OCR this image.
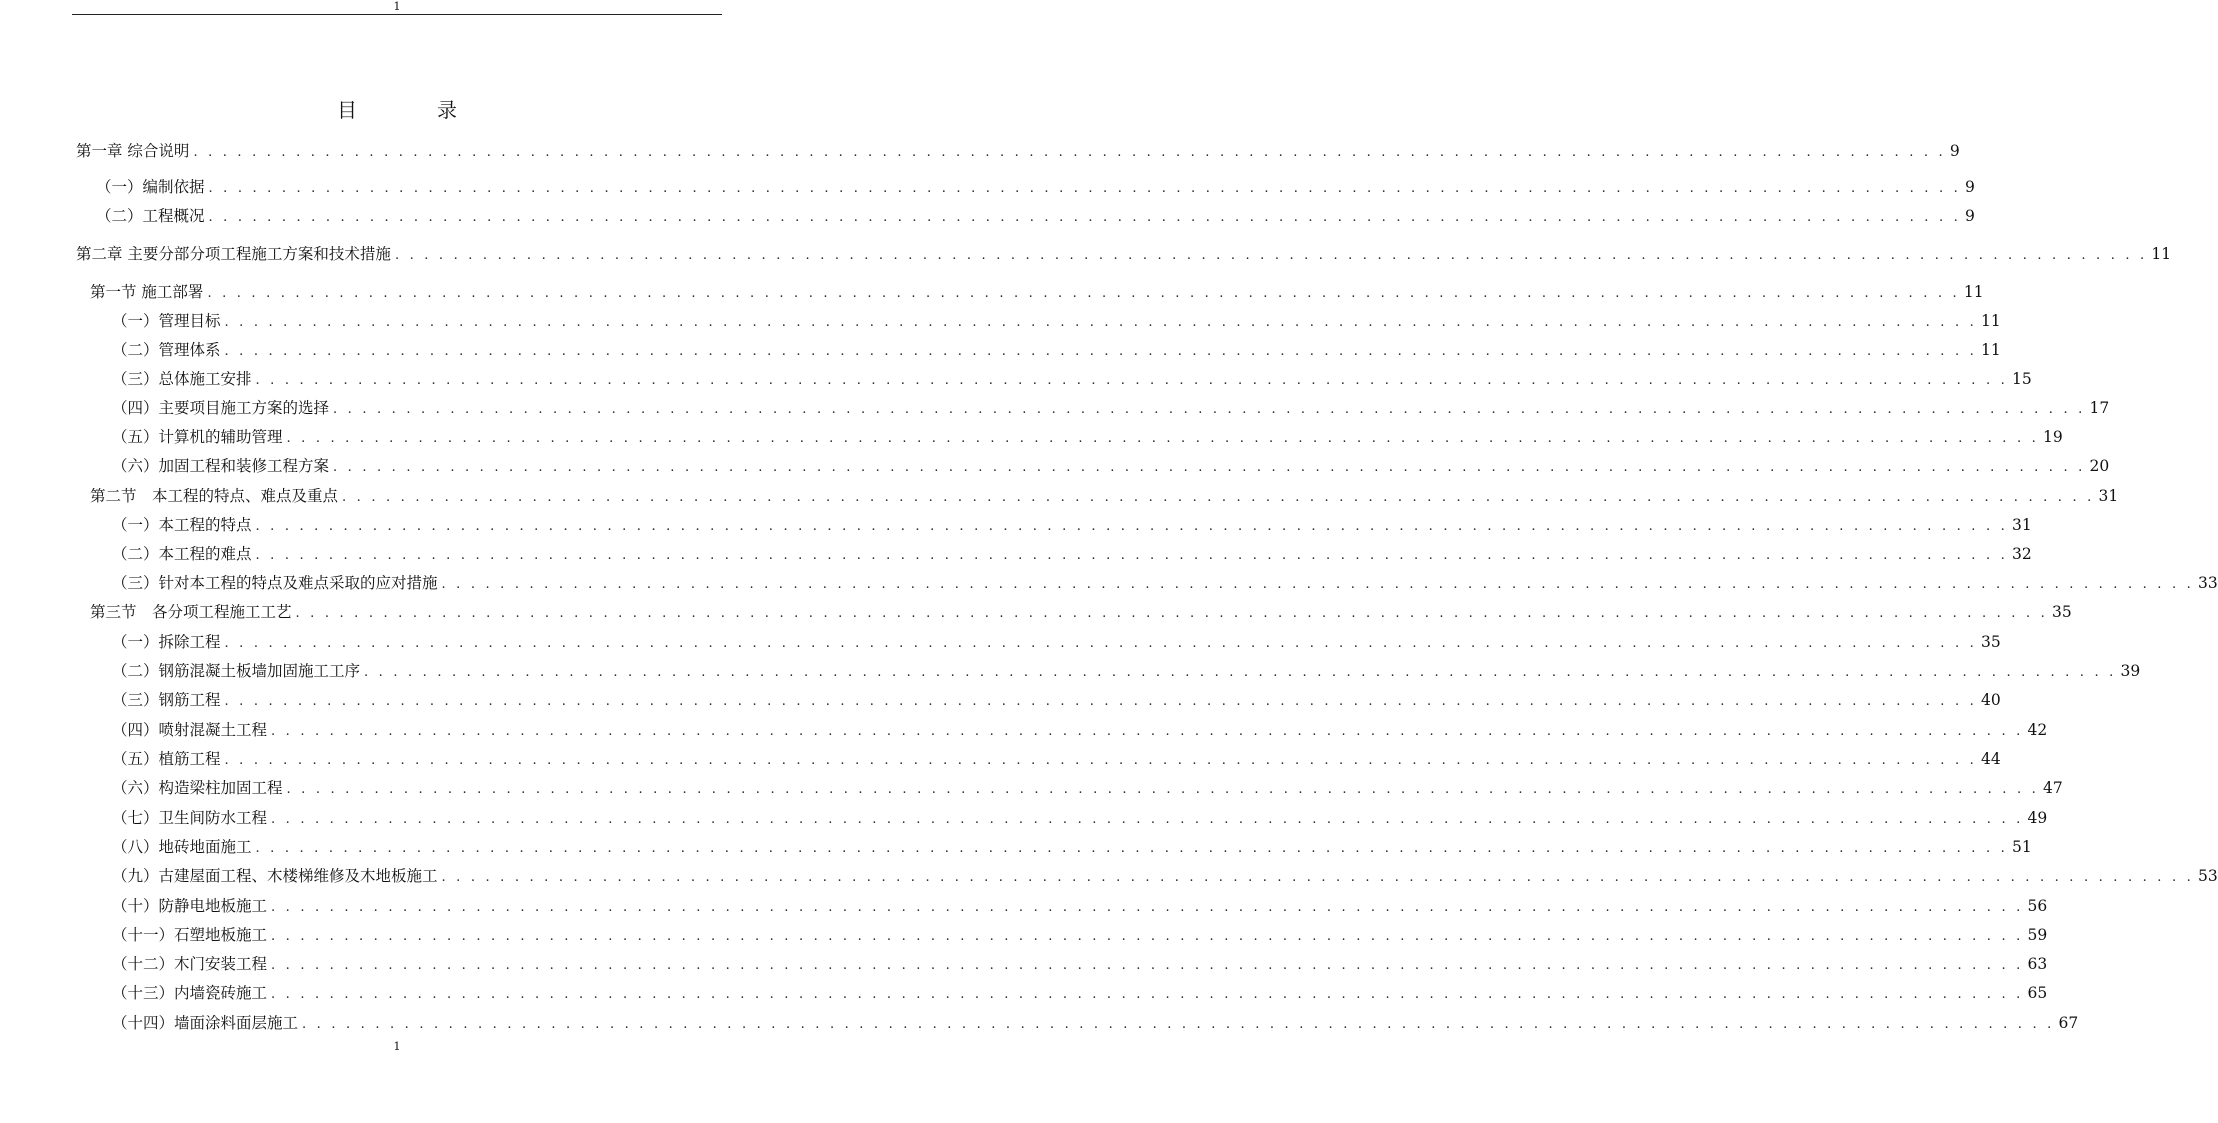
1
目　录
第一章 综合说明 . . . . . . . . . . . . . . . . . . . . . . . . . . . . . . . . . . . . . . . . . . . . . . . . . . . . . . . . . . . . . . . . . . . . . . . . . . . . . . . . . . . . . . . . . . . . . . . . . . . . . . . . . . . . . . . . . . . . . . . . 9
（一）编制依据 . . . . . . . . . . . . . . . . . . . . . . . . . . . . . . . . . . . . . . . . . . . . . . . . . . . . . . . . . . . . . . . . . . . . . . . . . . . . . . . . . . . . . . . . . . . . . . . . . . . . . . . . . . . . . . . . . . . . . . . . 9
（二）工程概况 . . . . . . . . . . . . . . . . . . . . . . . . . . . . . . . . . . . . . . . . . . . . . . . . . . . . . . . . . . . . . . . . . . . . . . . . . . . . . . . . . . . . . . . . . . . . . . . . . . . . . . . . . . . . . . . . . . . . . . . . 9
第二章 主要分部分项工程施工方案和技术措施 . . . . . . . . . . . . . . . . . . . . . . . . . . . . . . . . . . . . . . . . . . . . . . . . . . . . . . . . . . . . . . . . . . . . . . . . . . . . . . . . . . . . . . . . . . . . . . . . . . . . . . . . . . . . . . . . . . . . . . . . 11
第一节 施工部署 . . . . . . . . . . . . . . . . . . . . . . . . . . . . . . . . . . . . . . . . . . . . . . . . . . . . . . . . . . . . . . . . . . . . . . . . . . . . . . . . . . . . . . . . . . . . . . . . . . . . . . . . . . . . . . . . . . . . . . . . 11
（一）管理目标 . . . . . . . . . . . . . . . . . . . . . . . . . . . . . . . . . . . . . . . . . . . . . . . . . . . . . . . . . . . . . . . . . . . . . . . . . . . . . . . . . . . . . . . . . . . . . . . . . . . . . . . . . . . . . . . . . . . . . . . . 11
（二）管理体系 . . . . . . . . . . . . . . . . . . . . . . . . . . . . . . . . . . . . . . . . . . . . . . . . . . . . . . . . . . . . . . . . . . . . . . . . . . . . . . . . . . . . . . . . . . . . . . . . . . . . . . . . . . . . . . . . . . . . . . . . 11
（三）总体施工安排 . . . . . . . . . . . . . . . . . . . . . . . . . . . . . . . . . . . . . . . . . . . . . . . . . . . . . . . . . . . . . . . . . . . . . . . . . . . . . . . . . . . . . . . . . . . . . . . . . . . . . . . . . . . . . . . . . . . . . . . . 15
（四）主要项目施工方案的选择 . . . . . . . . . . . . . . . . . . . . . . . . . . . . . . . . . . . . . . . . . . . . . . . . . . . . . . . . . . . . . . . . . . . . . . . . . . . . . . . . . . . . . . . . . . . . . . . . . . . . . . . . . . . . . . . . . . . . . . . . 17
（五）计算机的辅助管理 . . . . . . . . . . . . . . . . . . . . . . . . . . . . . . . . . . . . . . . . . . . . . . . . . . . . . . . . . . . . . . . . . . . . . . . . . . . . . . . . . . . . . . . . . . . . . . . . . . . . . . . . . . . . . . . . . . . . . . . . 19
（六）加固工程和装修工程方案 . . . . . . . . . . . . . . . . . . . . . . . . . . . . . . . . . . . . . . . . . . . . . . . . . . . . . . . . . . . . . . . . . . . . . . . . . . . . . . . . . . . . . . . . . . . . . . . . . . . . . . . . . . . . . . . . . . . . . . . . 20
第二节　本工程的特点、难点及重点 . . . . . . . . . . . . . . . . . . . . . . . . . . . . . . . . . . . . . . . . . . . . . . . . . . . . . . . . . . . . . . . . . . . . . . . . . . . . . . . . . . . . . . . . . . . . . . . . . . . . . . . . . . . . . . . . . . . . . . . . 31
（一）本工程的特点 . . . . . . . . . . . . . . . . . . . . . . . . . . . . . . . . . . . . . . . . . . . . . . . . . . . . . . . . . . . . . . . . . . . . . . . . . . . . . . . . . . . . . . . . . . . . . . . . . . . . . . . . . . . . . . . . . . . . . . . . 31
（二）本工程的难点 . . . . . . . . . . . . . . . . . . . . . . . . . . . . . . . . . . . . . . . . . . . . . . . . . . . . . . . . . . . . . . . . . . . . . . . . . . . . . . . . . . . . . . . . . . . . . . . . . . . . . . . . . . . . . . . . . . . . . . . . 32
（三）针对本工程的特点及难点采取的应对措施 . . . . . . . . . . . . . . . . . . . . . . . . . . . . . . . . . . . . . . . . . . . . . . . . . . . . . . . . . . . . . . . . . . . . . . . . . . . . . . . . . . . . . . . . . . . . . . . . . . . . . . . . . . . . . . . . . . . . . . . . 33
第三节　各分项工程施工工艺 . . . . . . . . . . . . . . . . . . . . . . . . . . . . . . . . . . . . . . . . . . . . . . . . . . . . . . . . . . . . . . . . . . . . . . . . . . . . . . . . . . . . . . . . . . . . . . . . . . . . . . . . . . . . . . . . . . . . . . . . 35
（一）拆除工程 . . . . . . . . . . . . . . . . . . . . . . . . . . . . . . . . . . . . . . . . . . . . . . . . . . . . . . . . . . . . . . . . . . . . . . . . . . . . . . . . . . . . . . . . . . . . . . . . . . . . . . . . . . . . . . . . . . . . . . . . 35
（二）钢筋混凝土板墙加固施工工序 . . . . . . . . . . . . . . . . . . . . . . . . . . . . . . . . . . . . . . . . . . . . . . . . . . . . . . . . . . . . . . . . . . . . . . . . . . . . . . . . . . . . . . . . . . . . . . . . . . . . . . . . . . . . . . . . . . . . . . . . 39
（三）钢筋工程 . . . . . . . . . . . . . . . . . . . . . . . . . . . . . . . . . . . . . . . . . . . . . . . . . . . . . . . . . . . . . . . . . . . . . . . . . . . . . . . . . . . . . . . . . . . . . . . . . . . . . . . . . . . . . . . . . . . . . . . . 40
（四）喷射混凝土工程 . . . . . . . . . . . . . . . . . . . . . . . . . . . . . . . . . . . . . . . . . . . . . . . . . . . . . . . . . . . . . . . . . . . . . . . . . . . . . . . . . . . . . . . . . . . . . . . . . . . . . . . . . . . . . . . . . . . . . . . . 42
（五）植筋工程 . . . . . . . . . . . . . . . . . . . . . . . . . . . . . . . . . . . . . . . . . . . . . . . . . . . . . . . . . . . . . . . . . . . . . . . . . . . . . . . . . . . . . . . . . . . . . . . . . . . . . . . . . . . . . . . . . . . . . . . . 44
（六）构造梁柱加固工程 . . . . . . . . . . . . . . . . . . . . . . . . . . . . . . . . . . . . . . . . . . . . . . . . . . . . . . . . . . . . . . . . . . . . . . . . . . . . . . . . . . . . . . . . . . . . . . . . . . . . . . . . . . . . . . . . . . . . . . . . 47
（七）卫生间防水工程 . . . . . . . . . . . . . . . . . . . . . . . . . . . . . . . . . . . . . . . . . . . . . . . . . . . . . . . . . . . . . . . . . . . . . . . . . . . . . . . . . . . . . . . . . . . . . . . . . . . . . . . . . . . . . . . . . . . . . . . . 49
（八）地砖地面施工 . . . . . . . . . . . . . . . . . . . . . . . . . . . . . . . . . . . . . . . . . . . . . . . . . . . . . . . . . . . . . . . . . . . . . . . . . . . . . . . . . . . . . . . . . . . . . . . . . . . . . . . . . . . . . . . . . . . . . . . . 51
（九）古建屋面工程、木楼梯维修及木地板施工 . . . . . . . . . . . . . . . . . . . . . . . . . . . . . . . . . . . . . . . . . . . . . . . . . . . . . . . . . . . . . . . . . . . . . . . . . . . . . . . . . . . . . . . . . . . . . . . . . . . . . . . . . . . . . . . . . . . . . . . . 53
（十）防静电地板施工 . . . . . . . . . . . . . . . . . . . . . . . . . . . . . . . . . . . . . . . . . . . . . . . . . . . . . . . . . . . . . . . . . . . . . . . . . . . . . . . . . . . . . . . . . . . . . . . . . . . . . . . . . . . . . . . . . . . . . . . . 56
（十一）石塑地板施工 . . . . . . . . . . . . . . . . . . . . . . . . . . . . . . . . . . . . . . . . . . . . . . . . . . . . . . . . . . . . . . . . . . . . . . . . . . . . . . . . . . . . . . . . . . . . . . . . . . . . . . . . . . . . . . . . . . . . . . . . 59
（十二）木门安装工程 . . . . . . . . . . . . . . . . . . . . . . . . . . . . . . . . . . . . . . . . . . . . . . . . . . . . . . . . . . . . . . . . . . . . . . . . . . . . . . . . . . . . . . . . . . . . . . . . . . . . . . . . . . . . . . . . . . . . . . . . 63
（十三）内墙瓷砖施工 . . . . . . . . . . . . . . . . . . . . . . . . . . . . . . . . . . . . . . . . . . . . . . . . . . . . . . . . . . . . . . . . . . . . . . . . . . . . . . . . . . . . . . . . . . . . . . . . . . . . . . . . . . . . . . . . . . . . . . . . 65
（十四）墙面涂料面层施工 . . . . . . . . . . . . . . . . . . . . . . . . . . . . . . . . . . . . . . . . . . . . . . . . . . . . . . . . . . . . . . . . . . . . . . . . . . . . . . . . . . . . . . . . . . . . . . . . . . . . . . . . . . . . . . . . . . . . . . . . 67
1
